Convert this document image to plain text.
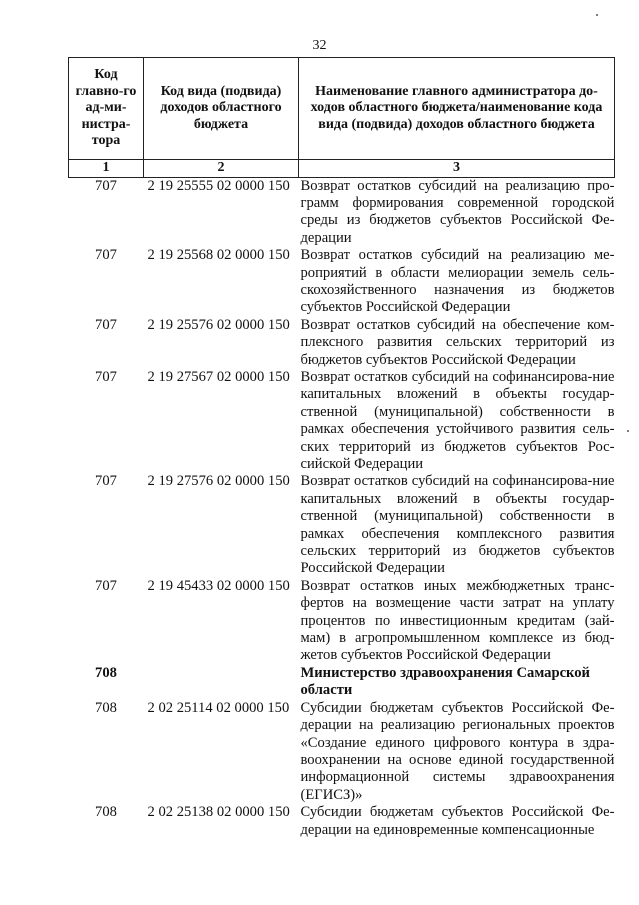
32
Код главно-го ад-ми-нистра-тора	Код вида (подвида) доходов областного бюджета	Наименование главного администратора до-ходов областного бюджета/наименование кода вида (подвида) доходов областного бюджета
1	2	3
707	2 19 25555 02 0000 150	Возврат остатков субсидий на реализацию про-грамм формирования современной городской среды из бюджетов субъектов Российской Фе-дерации
707	2 19 25568 02 0000 150	Возврат остатков субсидий на реализацию ме-роприятий в области мелиорации земель сель-скохозяйственного назначения из бюджетов субъектов Российской Федерации
707	2 19 25576 02 0000 150	Возврат остатков субсидий на обеспечение ком-плексного развития сельских территорий из бюджетов субъектов Российской Федерации
707	2 19 27567 02 0000 150	Возврат остатков субсидий на софинансирова-ние капитальных вложений в объекты государ-ственной (муниципальной) собственности в рамках обеспечения устойчивого развития сель-ских территорий из бюджетов субъектов Рос-сийской Федерации
707	2 19 27576 02 0000 150	Возврат остатков субсидий на софинансирова-ние капитальных вложений в объекты государ-ственной (муниципальной) собственности в рамках обеспечения комплексного развития сельских территорий из бюджетов субъектов Российской Федерации
707	2 19 45433 02 0000 150	Возврат остатков иных межбюджетных транс-фертов на возмещение части затрат на уплату процентов по инвестиционным кредитам (зай-мам) в агропромышленном комплексе из бюд-жетов субъектов Российской Федерации
708		Министерство здравоохранения Самарской области
708	2 02 25114 02 0000 150	Субсидии бюджетам субъектов Российской Фе-дерации на реализацию региональных проектов «Создание единого цифрового контура в здра-воохранении на основе единой государственной информационной системы здравоохранения (ЕГИСЗ)»
708	2 02 25138 02 0000 150	Субсидии бюджетам субъектов Российской Фе-дерации на единовременные компенсационные
